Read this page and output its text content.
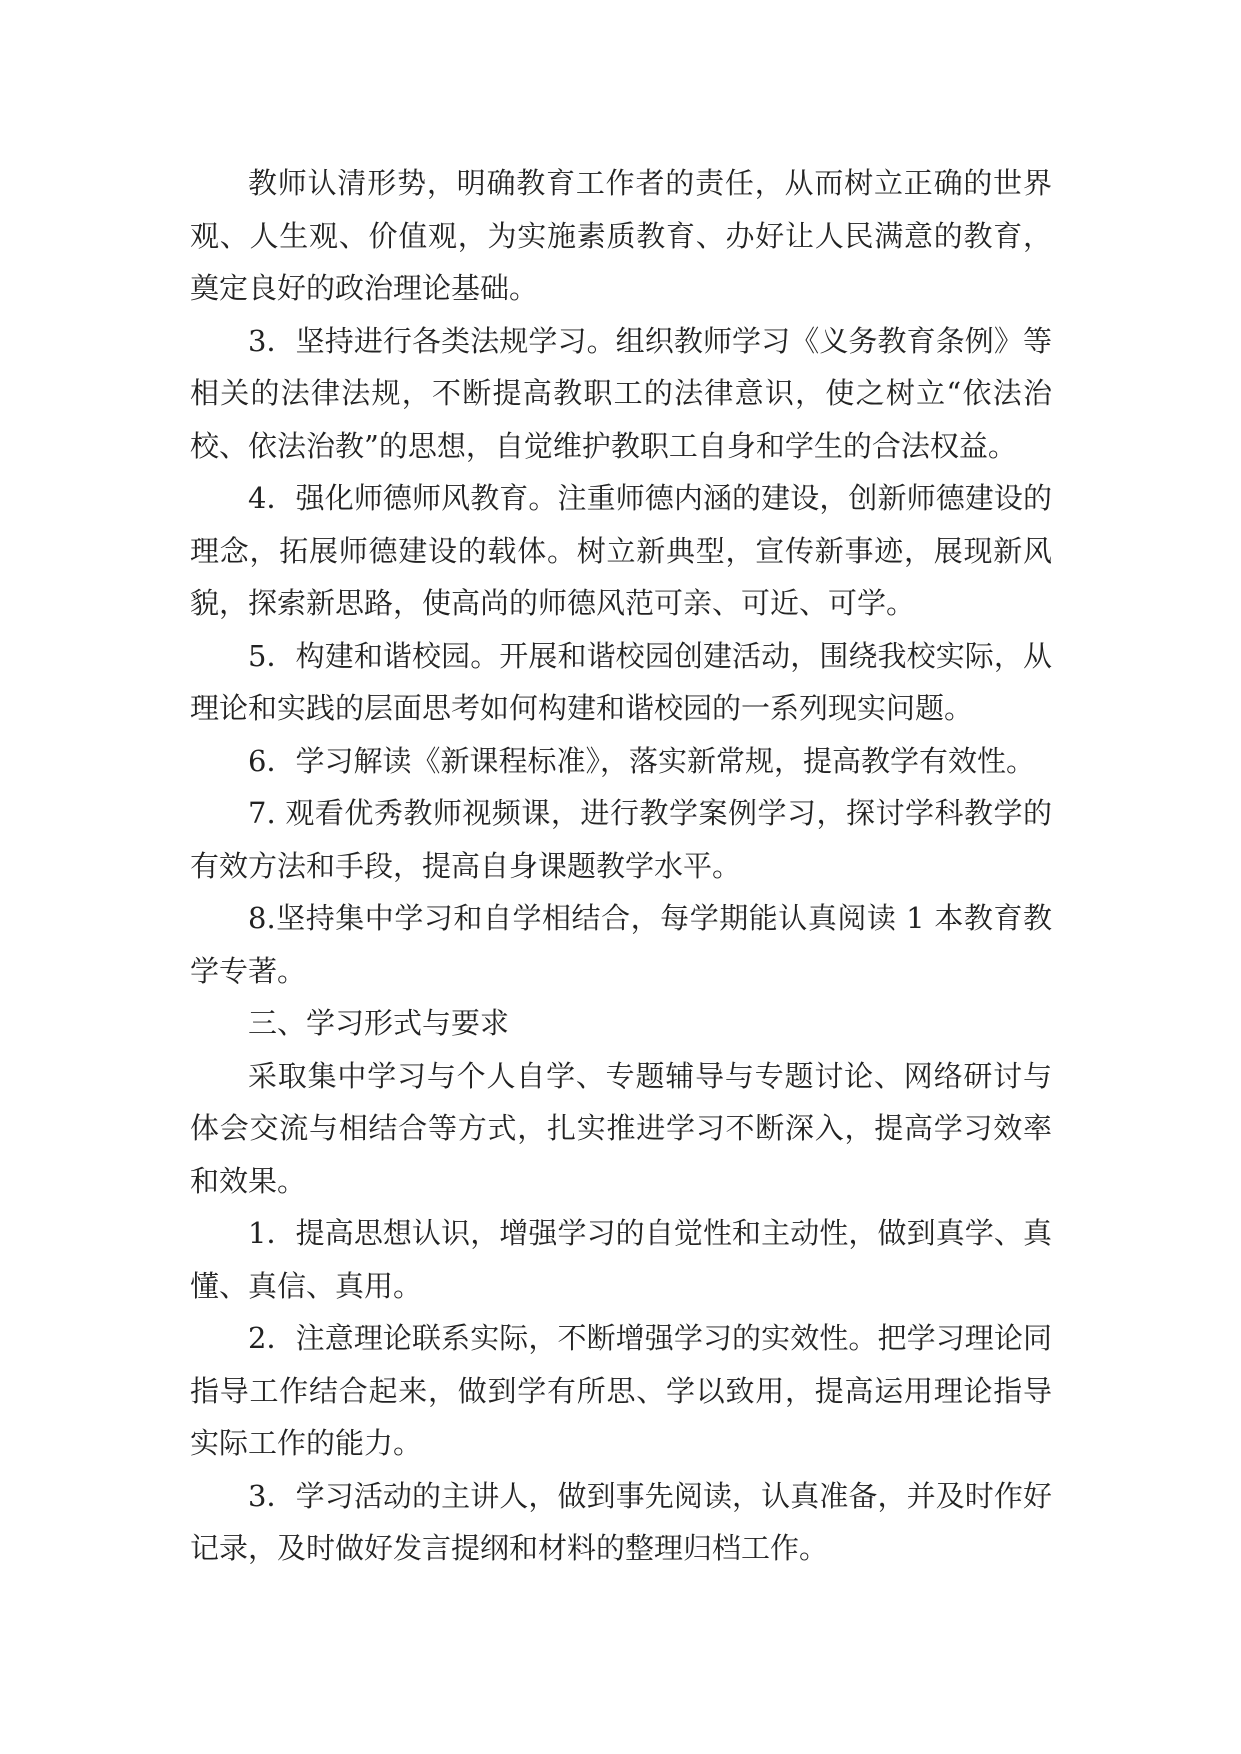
教师认清形势，明确教育工作者的责任，从而树立正确的世界观、人生观、价值观，为实施素质教育、办好让人民满意的教育，奠定良好的政治理论基础。

3．坚持进行各类法规学习。组织教师学习《义务教育条例》等相关的法律法规，不断提高教职工的法律意识，使之树立“依法治校、依法治教”的思想，自觉维护教职工自身和学生的合法权益。

4．强化师德师风教育。注重师德内涵的建设，创新师德建设的理念，拓展师德建设的载体。树立新典型，宣传新事迹，展现新风貌，探索新思路，使高尚的师德风范可亲、可近、可学。

5．构建和谐校园。开展和谐校园创建活动，围绕我校实际，从理论和实践的层面思考如何构建和谐校园的一系列现实问题。

6．学习解读《新课程标准》，落实新常规，提高教学有效性。

7. 观看优秀教师视频课，进行教学案例学习，探讨学科教学的有效方法和手段，提高自身课题教学水平。

8.坚持集中学习和自学相结合，每学期能认真阅读 1 本教育教学专著。

三、学习形式与要求

采取集中学习与个人自学、专题辅导与专题讨论、网络研讨与体会交流与相结合等方式，扎实推进学习不断深入，提高学习效率和效果。

1．提高思想认识，增强学习的自觉性和主动性，做到真学、真懂、真信、真用。

2．注意理论联系实际，不断增强学习的实效性。把学习理论同指导工作结合起来，做到学有所思、学以致用，提高运用理论指导实际工作的能力。

3．学习活动的主讲人，做到事先阅读，认真准备，并及时作好记录，及时做好发言提纲和材料的整理归档工作。
